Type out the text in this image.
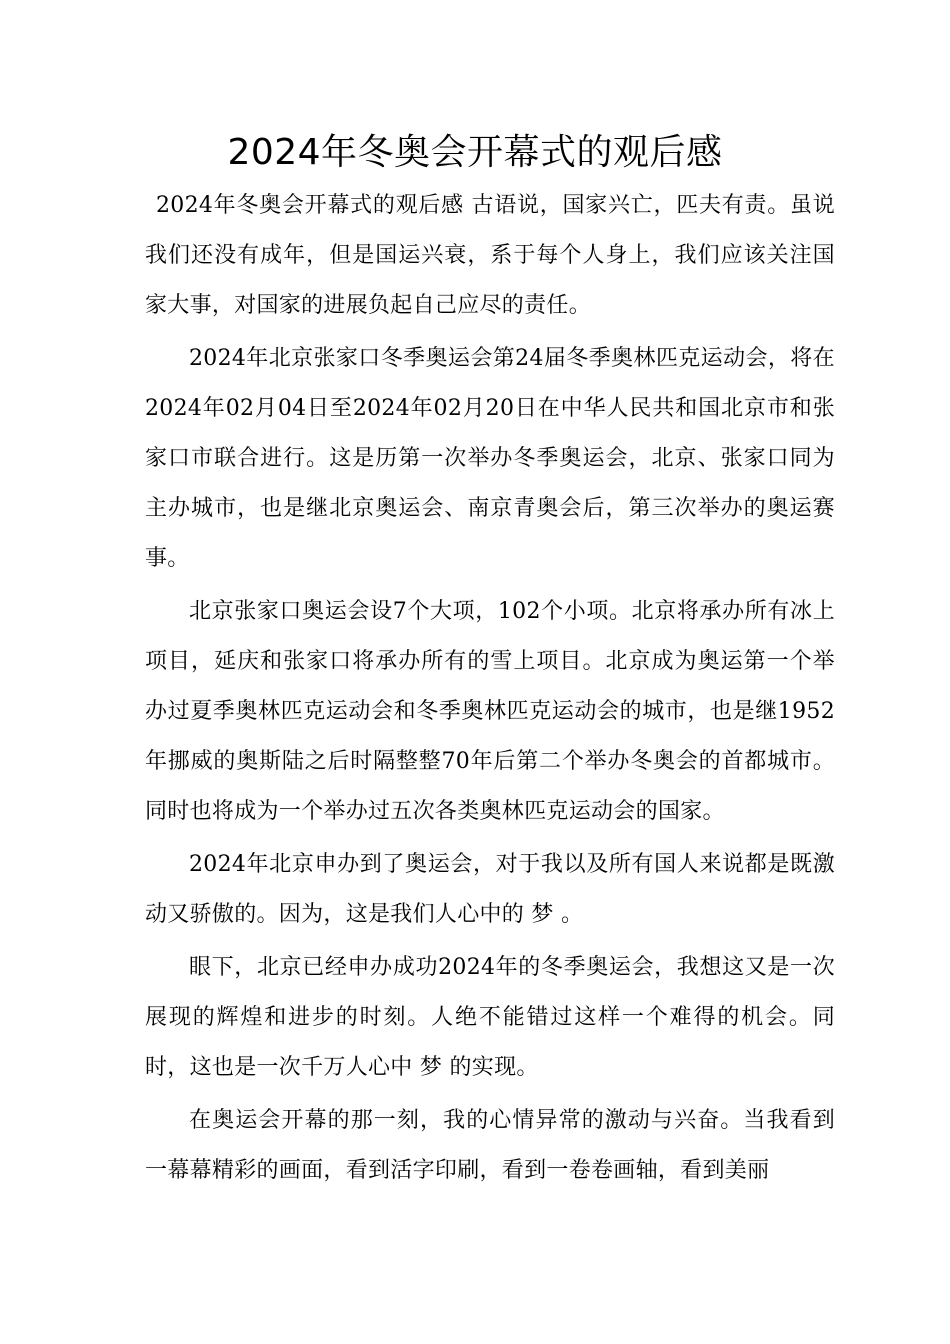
2024年冬奥会开幕式的观后感

2024年冬奥会开幕式的观后感 古语说，国家兴亡，匹夫有责。虽说我们还没有成年，但是国运兴衰，系于每个人身上，我们应该关注国家大事，对国家的进展负起自己应尽的责任。

2024年北京张家口冬季奥运会第24届冬季奥林匹克运动会，将在2024年02月04日至2024年02月20日在中华人民共和国北京市和张家口市联合进行。这是历第一次举办冬季奥运会，北京、张家口同为主办城市，也是继北京奥运会、南京青奥会后，第三次举办的奥运赛事。

北京张家口奥运会设7个大项，102个小项。北京将承办所有冰上项目，延庆和张家口将承办所有的雪上项目。北京成为奥运第一个举办过夏季奥林匹克运动会和冬季奥林匹克运动会的城市，也是继1952年挪威的奥斯陆之后时隔整整70年后第二个举办冬奥会的首都城市。同时也将成为一个举办过五次各类奥林匹克运动会的国家。

2024年北京申办到了奥运会，对于我以及所有国人来说都是既激动又骄傲的。因为，这是我们人心中的 梦 。

眼下，北京已经申办成功2024年的冬季奥运会，我想这又是一次展现的辉煌和进步的时刻。人绝不能错过这样一个难得的机会。同时，这也是一次千万人心中 梦 的实现。

在奥运会开幕的那一刻，我的心情异常的激动与兴奋。当我看到一幕幕精彩的画面，看到活字印刷，看到一卷卷画轴，看到美丽
